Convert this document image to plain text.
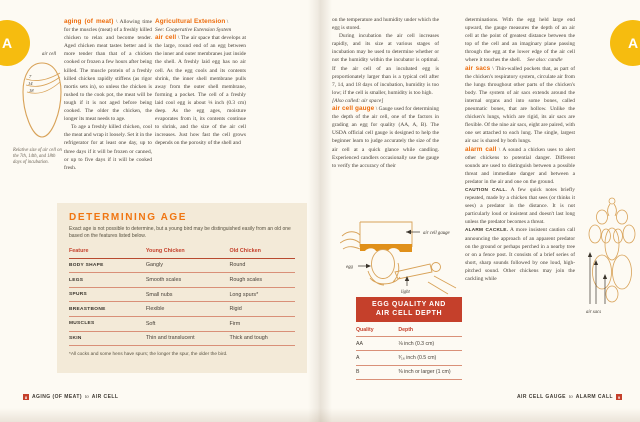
A	A
air cell
7
14
18
Relative size of air cell on the 7th, 14th, and 18th days of incubation.

aging (of meat) \ Allowing time for the muscles (meat) of a freshly killed chicken to relax and become tender. Aged chicken meat tastes better and is more tender than that of a chicken cooked or frozen a few hours after being killed. The muscle protein of a freshly killed chicken rapidly stiffens (as rigor mortis sets in), so unless the chicken is rushed to the cook pot, the meat will be tough if it is not aged before being cooked. The older the chicken, the longer its meat needs to age.

To age a freshly killed chicken, cool the meat and wrap it loosely. Set it in the refrigerator for at least one day, up to three days if it will be frozen or canned, or up to five days if it will be cooked fresh.

Agricultural Extension \

See: Cooperative Extension System

air cell \ The air space that develops at the large, round end of an egg between the inner and outer membranes just inside the shell. A freshly laid egg has no air cell. As the egg cools and its contents shrink, the inner shell membrane pulls away from the outer shell membrane, forming a pocket. The cell of a freshly laid cool egg is about ⅛ inch (0.3 cm) deep. As the egg ages, moisture evaporates from it, its contents continue to shrink, and the size of the air cell increases. Just how fast the cell grows depends on the porosity of the shell and

DETERMINING AGE
Exact age is not possible to determine, but a young bird may be distinguished easily from an old one based on the features listed below.
Feature	Young Chicken	Old Chicken
BODY SHAPE	Gangly	Round
LEGS	Smooth scales	Rough scales
SPURS	Small nubs	Long spurs*
BREASTBONE	Flexible	Rigid
MUSCLES	Soft	Firm
SKIN	Thin and translucent	Thick and tough
*All cocks and some hens have spurs; the longer the spur, the older the bird.

on the temperature and humidity under which the egg is stored.

During incubation the air cell increases rapidly, and its size at various stages of incubation may be used to determine whether or not the humidity within the incubator is optimal. If the air cell of an incubated egg is proportionately larger than is a typical cell after 7, 14, and 18 days of incubation, humidity is too low; if the cell is smaller, humidity is too high.

[Also called: air space]

air cell gauge \ Gauge used for determining the depth of the air cell, one of the factors in grading an egg for quality (AA, A, B). The USDA official cell gauge is designed to help the beginner learn to judge accurately the size of the air cell at a quick glance while candling. Experienced candlers occasionally use the gauge to verify the accuracy of their

air cell gauge
egg
light
EGG QUALITY AND
AIR CELL DEPTH
Quality	Depth
AA	⅛ inch (0.3 cm)
A	³⁄₁₆ inch (0.5 cm)
B	⅜ inch or larger (1 cm)

determinations. With the egg held large end upward, the gauge measures the depth of an air cell at the point of greatest distance between the top of the cell and an imaginary plane passing through the egg at the lower edge of the air cell where it touches the shell. See also: candle

air sacs \ Thin-walled pockets that, as part of the chicken's respiratory system, circulate air from the lungs throughout other parts of the chicken's body. The system of air sacs extends around the internal organs and into some bones, called pneumatic bones, that are hollow. Unlike the chicken's lungs, which are rigid, its air sacs are flexible. Of the nine air sacs, eight are paired, with one set attached to each lung. The single, largest air sac is shared by both lungs.

alarm call \ A sound a chicken uses to alert other chickens to potential danger. Different sounds are used to distinguish between a possible threat and immediate danger and between a predator in the air and one on the ground.

CAUTION CALL. A few quick notes briefly repeated, made by a chicken that sees (or thinks it sees) a predator in the distance. It is not particularly loud or insistent and doesn't last long unless the predator becomes a threat.

ALARM CACKLE. A more insistent caution call announcing the approach of an apparent predator on the ground or perhaps perched in a nearby tree or on a fence post. It consists of a brief series of short, sharp sounds followed by one loud, high-pitched sound. Other chickens may join the cackling while

air sacs
8 AGING (OF MEAT) to AIR CELL	AIR CELL GAUGE to ALARM CALL	9
